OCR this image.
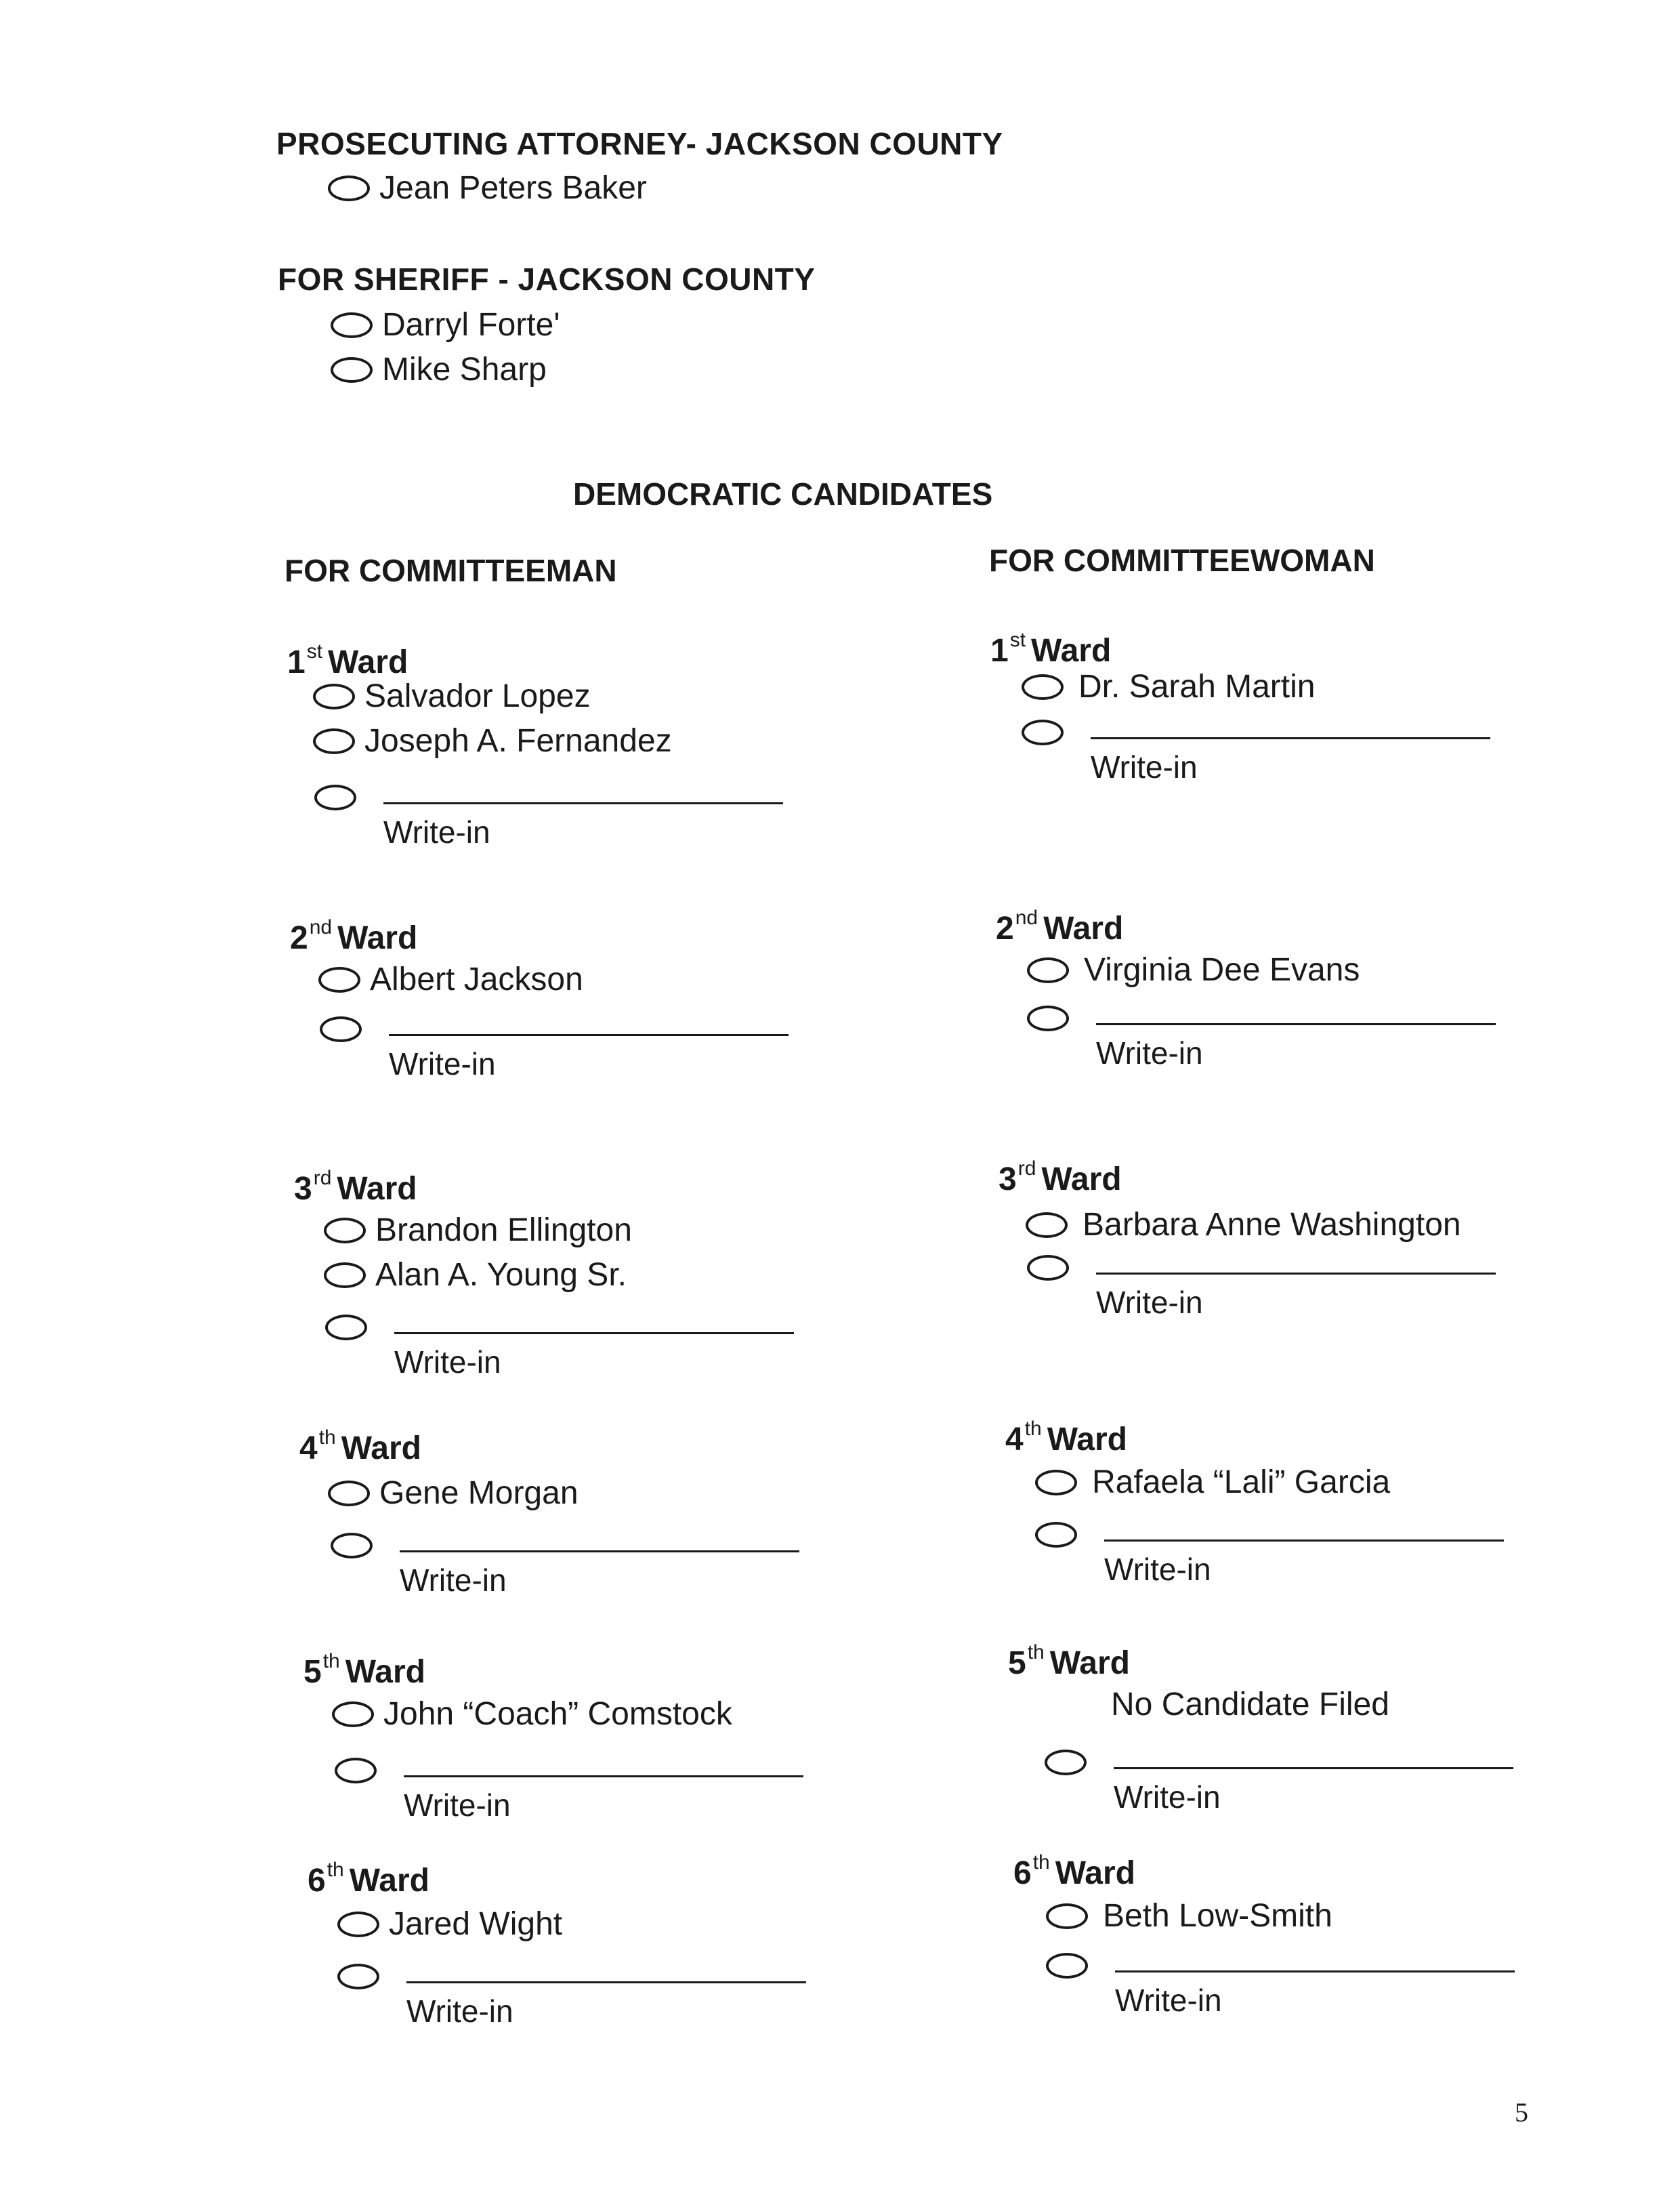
PROSECUTING ATTORNEY- JACKSON COUNTY
Jean Peters Baker
FOR SHERIFF - JACKSON COUNTY
Darryl Forte'
Mike Sharp
DEMOCRATIC CANDIDATES
FOR COMMITTEEMAN	FOR COMMITTEEWOMAN
1st Ward
Salvador Lopez
Joseph A. Fernandez
Write-in
2nd Ward
Albert Jackson
Write-in
3rd Ward
Brandon Ellington
Alan A. Young Sr.
Write-in
4th Ward
Gene Morgan
Write-in
5th Ward
John “Coach” Comstock
Write-in
6th Ward
Jared Wight
Write-in
1st Ward
Dr. Sarah Martin
Write-in
2nd Ward
Virginia Dee Evans
Write-in
3rd Ward
Barbara Anne Washington
Write-in
4th Ward
Rafaela “Lali” Garcia
Write-in
5th Ward
No Candidate Filed
Write-in
6th Ward
Beth Low-Smith
Write-in
5
